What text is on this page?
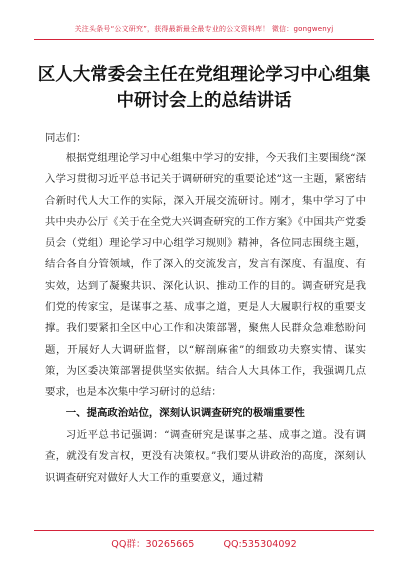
关注头条号“公文研究”，获得最新最全最专业的公文资料库！ 微信：gongwenyj
区人大常委会主任在党组理论学习中心组集中研讨会上的总结讲话
同志们：
根据党组理论学习中心组集中学习的安排，今天我们主要围绕“深入学习贯彻习近平总书记关于调研研究的重要论述”这一主题，紧密结合新时代人大工作的实际，深入开展交流研讨。刚才，集中学习了中共中央办公厅《关于在全党大兴调查研究的工作方案》《中国共产党委员会（党组）理论学习中心组学习规则》精神，各位同志围绕主题，结合各自分管领域，作了深入的交流发言，发言有深度、有温度、有实效，达到了凝聚共识、深化认识、推动工作的目的。调查研究是我们党的传家宝，是谋事之基、成事之道，更是人大履职行权的重要支撑。我们要紧扣全区中心工作和决策部署，聚焦人民群众急难愁盼问题，开展好人大调研监督，以“解剖麻雀”的细致功夫察实情、谋实策，为区委决策部署提供坚实依据。结合人大具体工作，我强调几点要求，也是本次集中学习研讨的总结：
一、提高政治站位，深刻认识调查研究的极端重要性
习近平总书记强调：“调查研究是谋事之基、成事之道。没有调查，就没有发言权，更没有决策权。”我们要从讲政治的高度，深刻认识调查研究对做好人大工作的重要意义，通过精
QQ群：30265665	QQ:535304092
